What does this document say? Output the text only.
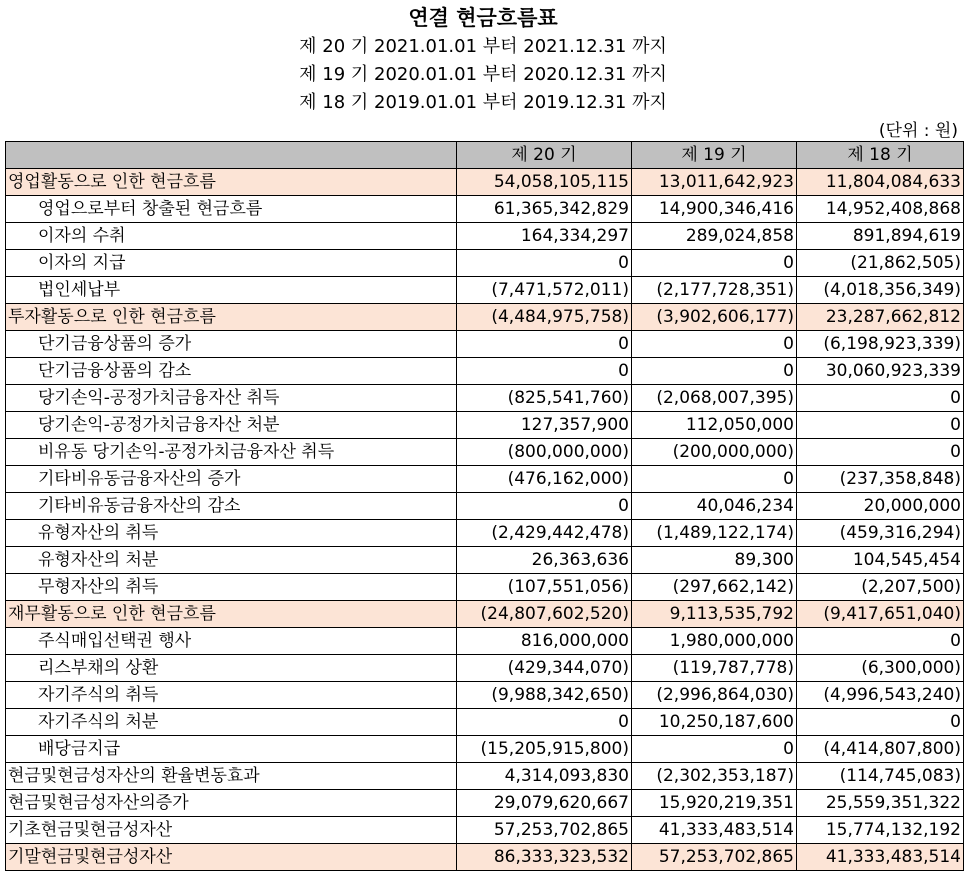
연결 현금흐름표
제 20 기 2021.01.01 부터 2021.12.31 까지
제 19 기 2020.01.01 부터 2020.12.31 까지
제 18 기 2019.01.01 부터 2019.12.31 까지
(단위 : 원)
	제 20 기	제 19 기	제 18 기
영업활동으로 인한 현금흐름	54,058,105,115	13,011,642,923	11,804,084,633
영업으로부터 창출된 현금흐름	61,365,342,829	14,900,346,416	14,952,408,868
이자의 수취	164,334,297	289,024,858	891,894,619
이자의 지급	0	0	(21,862,505)
법인세납부	(7,471,572,011)	(2,177,728,351)	(4,018,356,349)
투자활동으로 인한 현금흐름	(4,484,975,758)	(3,902,606,177)	23,287,662,812
단기금융상품의 증가	0	0	(6,198,923,339)
단기금융상품의 감소	0	0	30,060,923,339
당기손익-공정가치금융자산 취득	(825,541,760)	(2,068,007,395)	0
당기손익-공정가치금융자산 처분	127,357,900	112,050,000	0
비유동 당기손익-공정가치금융자산 취득	(800,000,000)	(200,000,000)	0
기타비유동금융자산의 증가	(476,162,000)	0	(237,358,848)
기타비유동금융자산의 감소	0	40,046,234	20,000,000
유형자산의 취득	(2,429,442,478)	(1,489,122,174)	(459,316,294)
유형자산의 처분	26,363,636	89,300	104,545,454
무형자산의 취득	(107,551,056)	(297,662,142)	(2,207,500)
재무활동으로 인한 현금흐름	(24,807,602,520)	9,113,535,792	(9,417,651,040)
주식매입선택권 행사	816,000,000	1,980,000,000	0
리스부채의 상환	(429,344,070)	(119,787,778)	(6,300,000)
자기주식의 취득	(9,988,342,650)	(2,996,864,030)	(4,996,543,240)
자기주식의 처분	0	10,250,187,600	0
배당금지급	(15,205,915,800)	0	(4,414,807,800)
현금및현금성자산의 환율변동효과	4,314,093,830	(2,302,353,187)	(114,745,083)
현금및현금성자산의증가	29,079,620,667	15,920,219,351	25,559,351,322
기초현금및현금성자산	57,253,702,865	41,333,483,514	15,774,132,192
기말현금및현금성자산	86,333,323,532	57,253,702,865	41,333,483,514
